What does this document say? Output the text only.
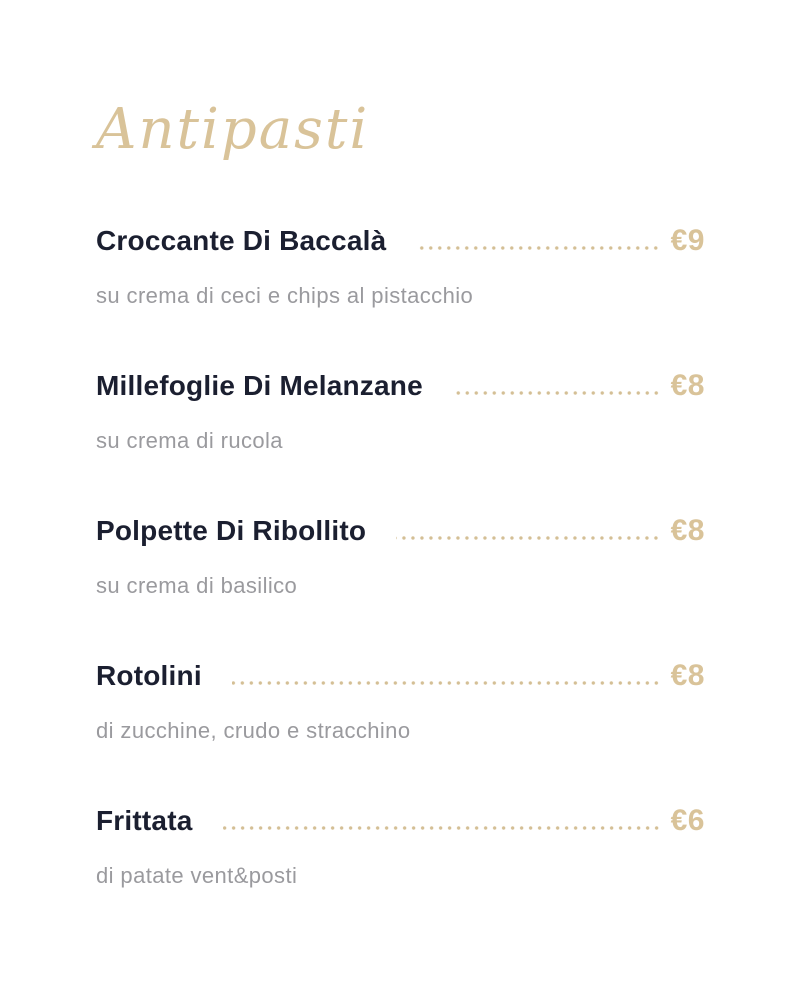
Antipasti
Croccante Di Baccalà	€9
su crema di ceci e chips al pistacchio
Millefoglie Di Melanzane	€8
su crema di rucola
Polpette Di Ribollito	€8
su crema di basilico
Rotolini	€8
di zucchine, crudo e stracchino
Frittata	€6
di patate vent&posti
